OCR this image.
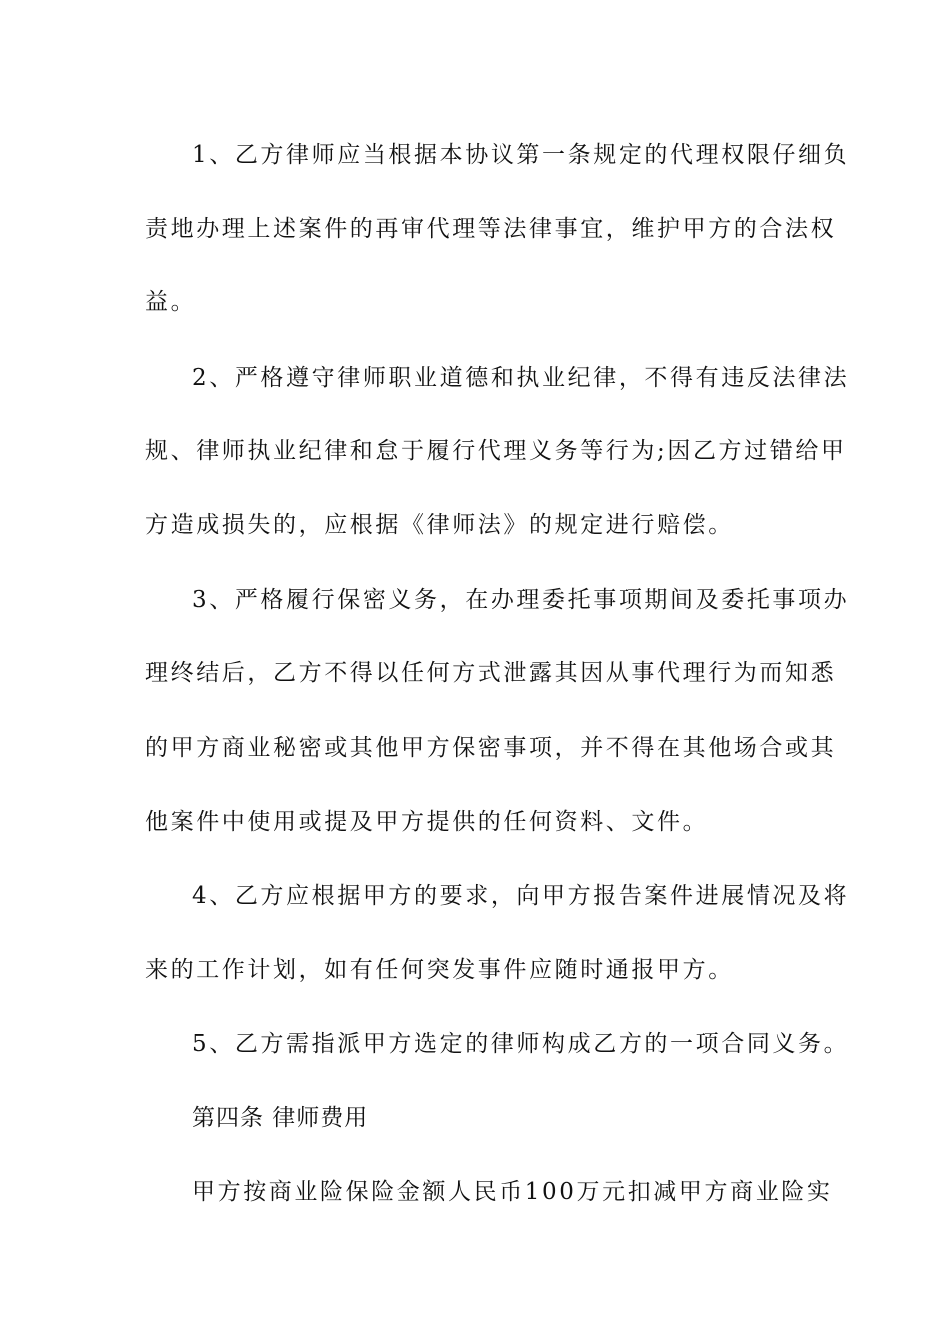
1、乙方律师应当根据本协议第一条规定的代理权限仔细负
责地办理上述案件的再审代理等法律事宜，维护甲方的合法权
益。
2、严格遵守律师职业道德和执业纪律，不得有违反法律法
规、律师执业纪律和怠于履行代理义务等行为;因乙方过错给甲
方造成损失的，应根据《律师法》的规定进行赔偿。
3、严格履行保密义务，在办理委托事项期间及委托事项办
理终结后，乙方不得以任何方式泄露其因从事代理行为而知悉
的甲方商业秘密或其他甲方保密事项，并不得在其他场合或其
他案件中使用或提及甲方提供的任何资料、文件。
4、乙方应根据甲方的要求，向甲方报告案件进展情况及将
来的工作计划，如有任何突发事件应随时通报甲方。
5、乙方需指派甲方选定的律师构成乙方的一项合同义务。
第四条 律师费用
甲方按商业险保险金额人民币100万元扣减甲方商业险实
